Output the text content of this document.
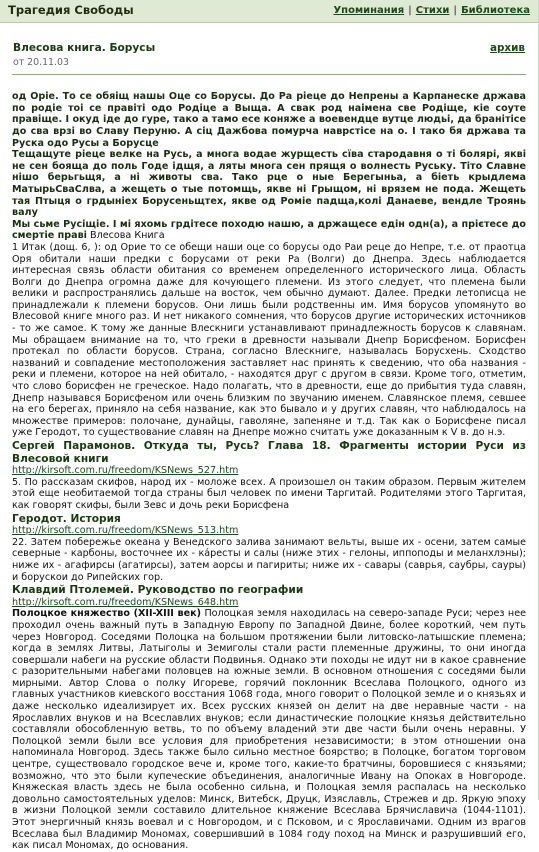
Трагедия Свободы	Упоминания | Стихи | Библиотека
Влесова книга. Борусы	архив
от 20.11.03

од Оріе. То се обяіщ нашы Оце со Борусы. До Ра ріеце до Непрены а Карпанеске држава по родіе тоі се правіті одо Родіце а Выща. А свак род наімена све Родіще, кіе соуте правіще. І окуд іде до гуре, тако а тамо есе коняже а воевендце вутце людьі, да бранітісе до сва врзі во Славу Перуню. А сіц Дажбова помурча наврстісе на о. І тако бя држава та Руска одо Русы а Борусце

Тещащуте ріеце велке на Русь, а многа водае журщесть сїва стародавня о ті болярі, якві не сен бояща до поль Годе ідщя, а ляты многа сен прящя о волнесть Руську. Тіто Славне нішо берьгьщя, а ні животы сва. Тако рце о ные Берегыньа, а біеть крыдлема МатырьСваСлва, а жещеть о тые потомщь, якве ні Грыщом, ні врязем не пода. Жещеть тая Птыця о грдыніех Борусеньщтех, якве од Роміе падща,колі Данаеве, вендле Троянь валу

Мы сьме Русіщіе. І мі яхомь грдітесе походю нашю, а држащесе едін одн(а), а прієтесе до смертіе праві Влесова Книга

1 Итак (дощ. 6, ): од Орие то се обещи наши оце со борусы одо Раи реце до Непре, т.е. от праотца Оря обитали наши предки с борусами от реки Ра (Волги) до Днепра. Здесь наблюдается интересная связь области обитания со временем определенного исторического лица. Область Волги до Днепра огромна даже для кочующего племени. Из этого следует, что племена были велики и распространялись дальше на восток, чем обычно думают. Далее. Предки летописца не принадлежали к племени борусов. Они лишь были родственны им. Имя борусов упомянуто во Влесовой книге много раз. И нет никакого сомнения, что борусов другие исторических источников - то же самое. К тому же данные Влескниги устанавливают принадлежность борусов к славянам. Мы обращаем внимание на то, что греки в древности называли Днепр Борисфеном. Борисфен протекал по области борусов. Страна, согласно Влескниге, называлась Борусхень. Сходство названий и совпадение местоположения заставляет нас принять к сведению, что оба названия - реки и племени, которое на ней обитало, - находятся друг с другом в связи. Кроме того, отметим, что слово борисфен не греческое. Надо полагать, что в древности, еще до прибытия туда славян, Днепр назывався Борисфеном или очень близким по звучанию именем. Славянское племя, севшее на его берегах, приняло на себя название, как это бывало и у других славян, что наблюдалось на множестве примеров: полочане, дунайцы, гаволяне, запеняне и т.д. Так как о Борисфене писал уже Геродот, то существование славян на Днепре можно считать уже доказанным к V в. до н.э.

Сергей Парамонов. Откуда ты, Русь? Глава 18. Фрагменты истории Руси из Влесовой книги

http://kirsoft.com.ru/freedom/KSNews_527.htm

5. По рассказам скифов, народ их - моложе всех. А произошел он таким образом. Первым жителем этой еще необитаемой тогда страны был человек по имени Таргитай. Родителями этого Таргитая, как говорят скифы, были Зевс и дочь реки Борисфена

Геродот. История

http://kirsoft.com.ru/freedom/KSNews_513.htm

22. Затем побережье океана у Венедского залива занимают вельты, выше их - осени, затем самые северные - карбоны, восточнее их - кáресты и салы (ниже этих - гелоны, иппоподы и меланхлэны); ниже их - агафирсы (агатирсы), затем аорсы и пагириты; ниже их - савары (саврья, саубры, сауры) и борускои до Рипейских гор.

Клавдий Птолемей. Руководство по географии

http://kirsoft.com.ru/freedom/KSNews_648.htm

Полоцкое княжество (XII-XIII век) Полоцкая земля находилась на северо-западе Руси; через нее проходил очень важный путь в Западную Европу по Западной Двине, более короткий, чем путь через Новгород. Соседями Полоцка на большом протяжении были литовско-латышские племена; когда в землях Литвы, Латыголы и Земиголы стали расти племенные дружины, то они иногда совершали набеги на русские области Подвинья. Однако эти походы не идут ни в какое сравнение с разорительными набегами половцев на южные земли. В основном отношения с соседями были мирными. Автор Слова о полку Игореве, горячий поклонник Всеслава Полоцкого, одного из главных участников киевского восстания 1068 года, много говорит о Полоцкой земле и о князьях и даже несколько идеализирует их. Всех русских князей он делит на две неравные части - на Ярославлих внуков и на Всеславлих внуков; если династические полоцкие князья действительно составляли обособленную ветвь, то по объему владений эти две части были очень неравны. У Полоцкой земли были все условия для приобретения независимости; в этом отношении она напоминала Новгород. Здесь также было сильно местное боярство; в Полоцке, богатом торговом центре, существовало городское вече и, кроме того, какие-то братчины, боровшиеся с князьями; возможно, что это были купеческие объединения, аналогичные Ивану на Опоках в Новгороде. Княжеская власть здесь не была особенно сильна, и Полоцкая земля распалась на несколько довольно самостоятельных уделов: Минск, Витебск, Друцк, Изяславль, Стрежев и др. Яркую эпоху в жизни Полоцкой земли составило длительное княжение Всеслава Брячиславича (1044-1101). Этот энергичный князь воевал и с Новгородом, и с Псковом, и с Ярославичами. Одним из врагов Всеслава был Владимир Мономах, совершивший в 1084 году поход на Минск и разрушивший его, как писал Мономах, до основания.
